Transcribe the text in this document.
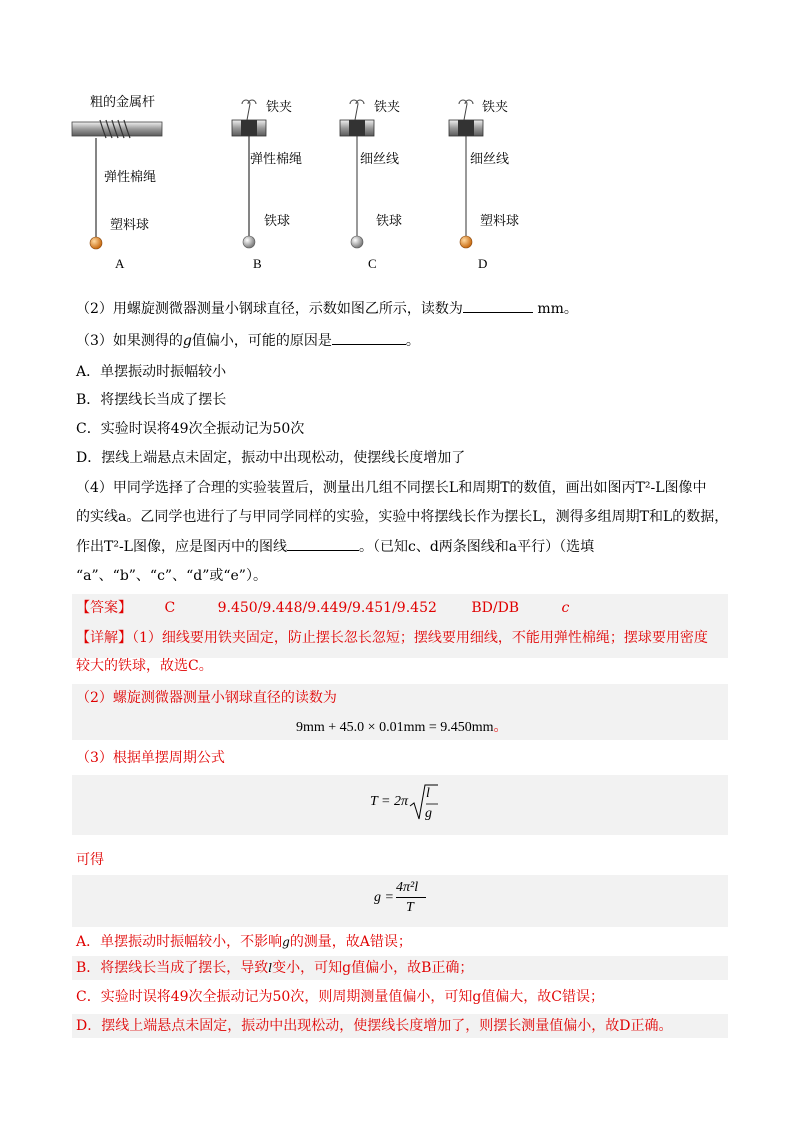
粗的金属杆
弹性棉绳
塑料球
A
铁夹
弹性棉绳
铁球
B
铁夹
细丝线
铁球
C
铁夹
细丝线
塑料球
D
（2）用螺旋测微器测量小钢球直径，示数如图乙所示，读数为	mm。
（3）如果测得的g值偏小，可能的原因是	。
A．单摆振动时振幅较小
B．将摆线长当成了摆长
C．实验时误将49次全振动记为50次
D．摆线上端悬点未固定，振动中出现松动，使摆线长度增加了
（4）甲同学选择了合理的实验装置后，测量出几组不同摆长L和周期T的数值，画出如图丙T²-L图像中
的实线a。乙同学也进行了与甲同学同样的实验，实验中将摆线长作为摆长L，测得多组周期T和L的数据，
作出T²-L图像，应是图丙中的图线	。（已知c、d两条图线和a平行）（选填
“a”、“b”、“c”、“d”或“e”）。
【答案】 C	9.450/9.448/9.449/9.451/9.452 BD/DB	c
【详解】（1）细线要用铁夹固定，防止摆长忽长忽短；摆线要用细线，不能用弹性棉绳；摆球要用密度
较大的铁球，故选C。
（2）螺旋测微器测量小钢球直径的读数为
9mm + 45.0 × 0.01mm = 9.450mm。
（3）根据单摆周期公式
T = 2π
l
g
可得
g =
4π²l
T
A．单摆振动时振幅较小，不影响g的测量，故A错误；
B．将摆线长当成了摆长，导致l变小，可知g值偏小，故B正确；
C．实验时误将49次全振动记为50次，则周期测量值偏小，可知g值偏大，故C错误；
D．摆线上端悬点未固定，振动中出现松动，使摆线长度增加了，则摆长测量值偏小，故D正确。
